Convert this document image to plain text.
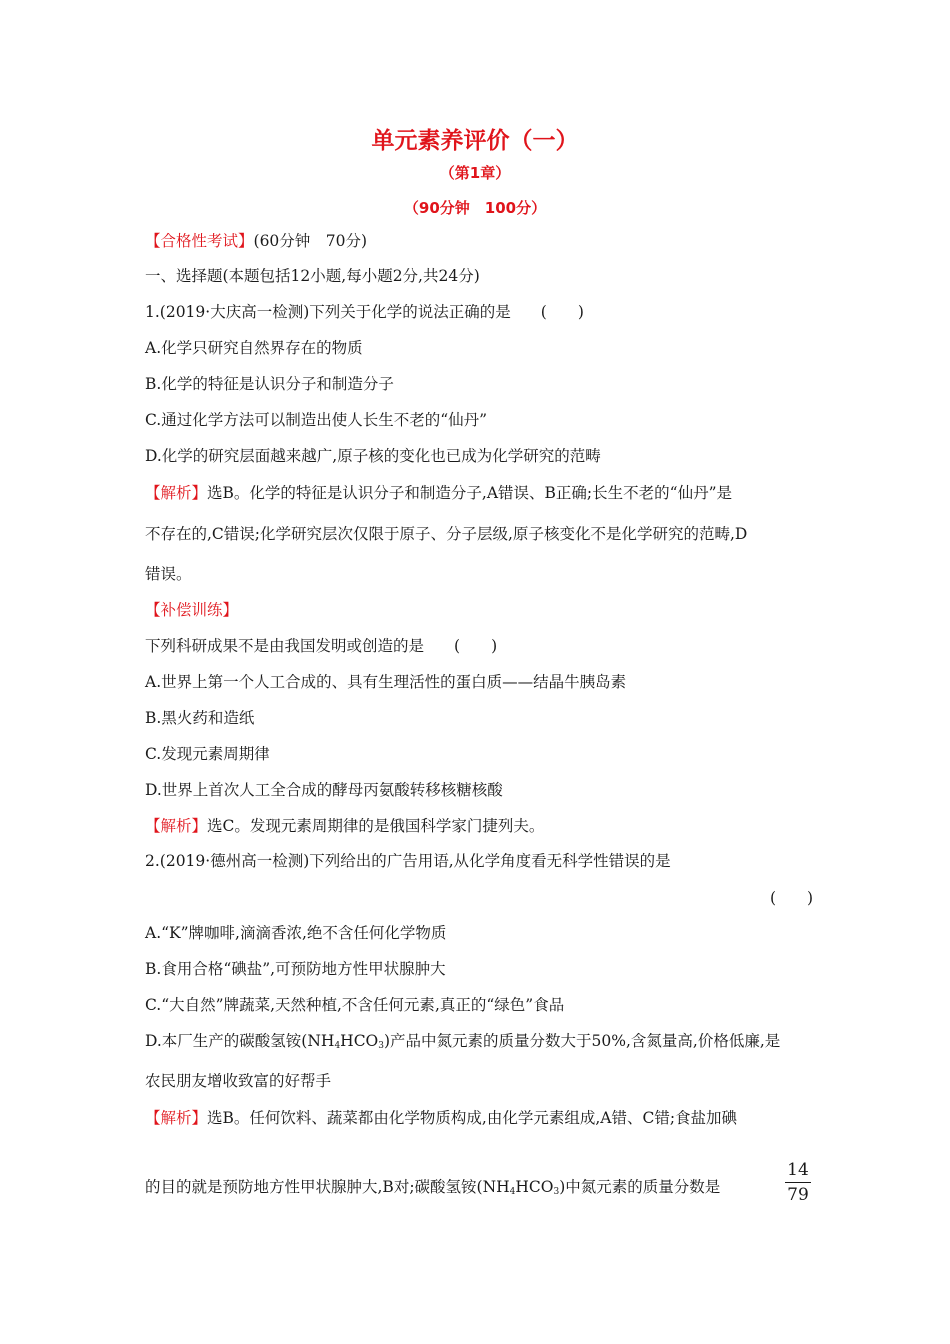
单元素养评价（一）
（第1章）
（90分钟　100分）
【合格性考试】(60分钟　70分)
一、选择题(本题包括12小题,每小题2分,共24分)
1.(2019·大庆高一检测)下列关于化学的说法正确的是 (　　)
A.化学只研究自然界存在的物质
B.化学的特征是认识分子和制造分子
C.通过化学方法可以制造出使人长生不老的“仙丹”
D.化学的研究层面越来越广,原子核的变化也已成为化学研究的范畴
【解析】选B。化学的特征是认识分子和制造分子,A错误、B正确;长生不老的“仙丹”是
不存在的,C错误;化学研究层次仅限于原子、分子层级,原子核变化不是化学研究的范畴,D
错误。
【补偿训练】
下列科研成果不是由我国发明或创造的是 (　　)
A.世界上第一个人工合成的、具有生理活性的蛋白质——结晶牛胰岛素
B.黑火药和造纸
C.发现元素周期律
D.世界上首次人工全合成的酵母丙氨酸转移核糖核酸
【解析】选C。发现元素周期律的是俄国科学家门捷列夫。
2.(2019·德州高一检测)下列给出的广告用语,从化学角度看无科学性错误的是
(　　)
A.“K”牌咖啡,滴滴香浓,绝不含任何化学物质
B.食用合格“碘盐”,可预防地方性甲状腺肿大
C.“大自然”牌蔬菜,天然种植,不含任何元素,真正的“绿色”食品
D.本厂生产的碳酸氢铵$(NH_4HCO_3)$产品中氮元素的质量分数大于50%,含氮量高,价格低廉,是
农民朋友增收致富的好帮手
【解析】选B。任何饮料、蔬菜都由化学物质构成,由化学元素组成,A错、C错;食盐加碘
的目的就是预防地方性甲状腺肿大,B对;碳酸氢铵$(NH_4HCO_3)$中氮元素的质量分数是	$\frac{14}{79}$
